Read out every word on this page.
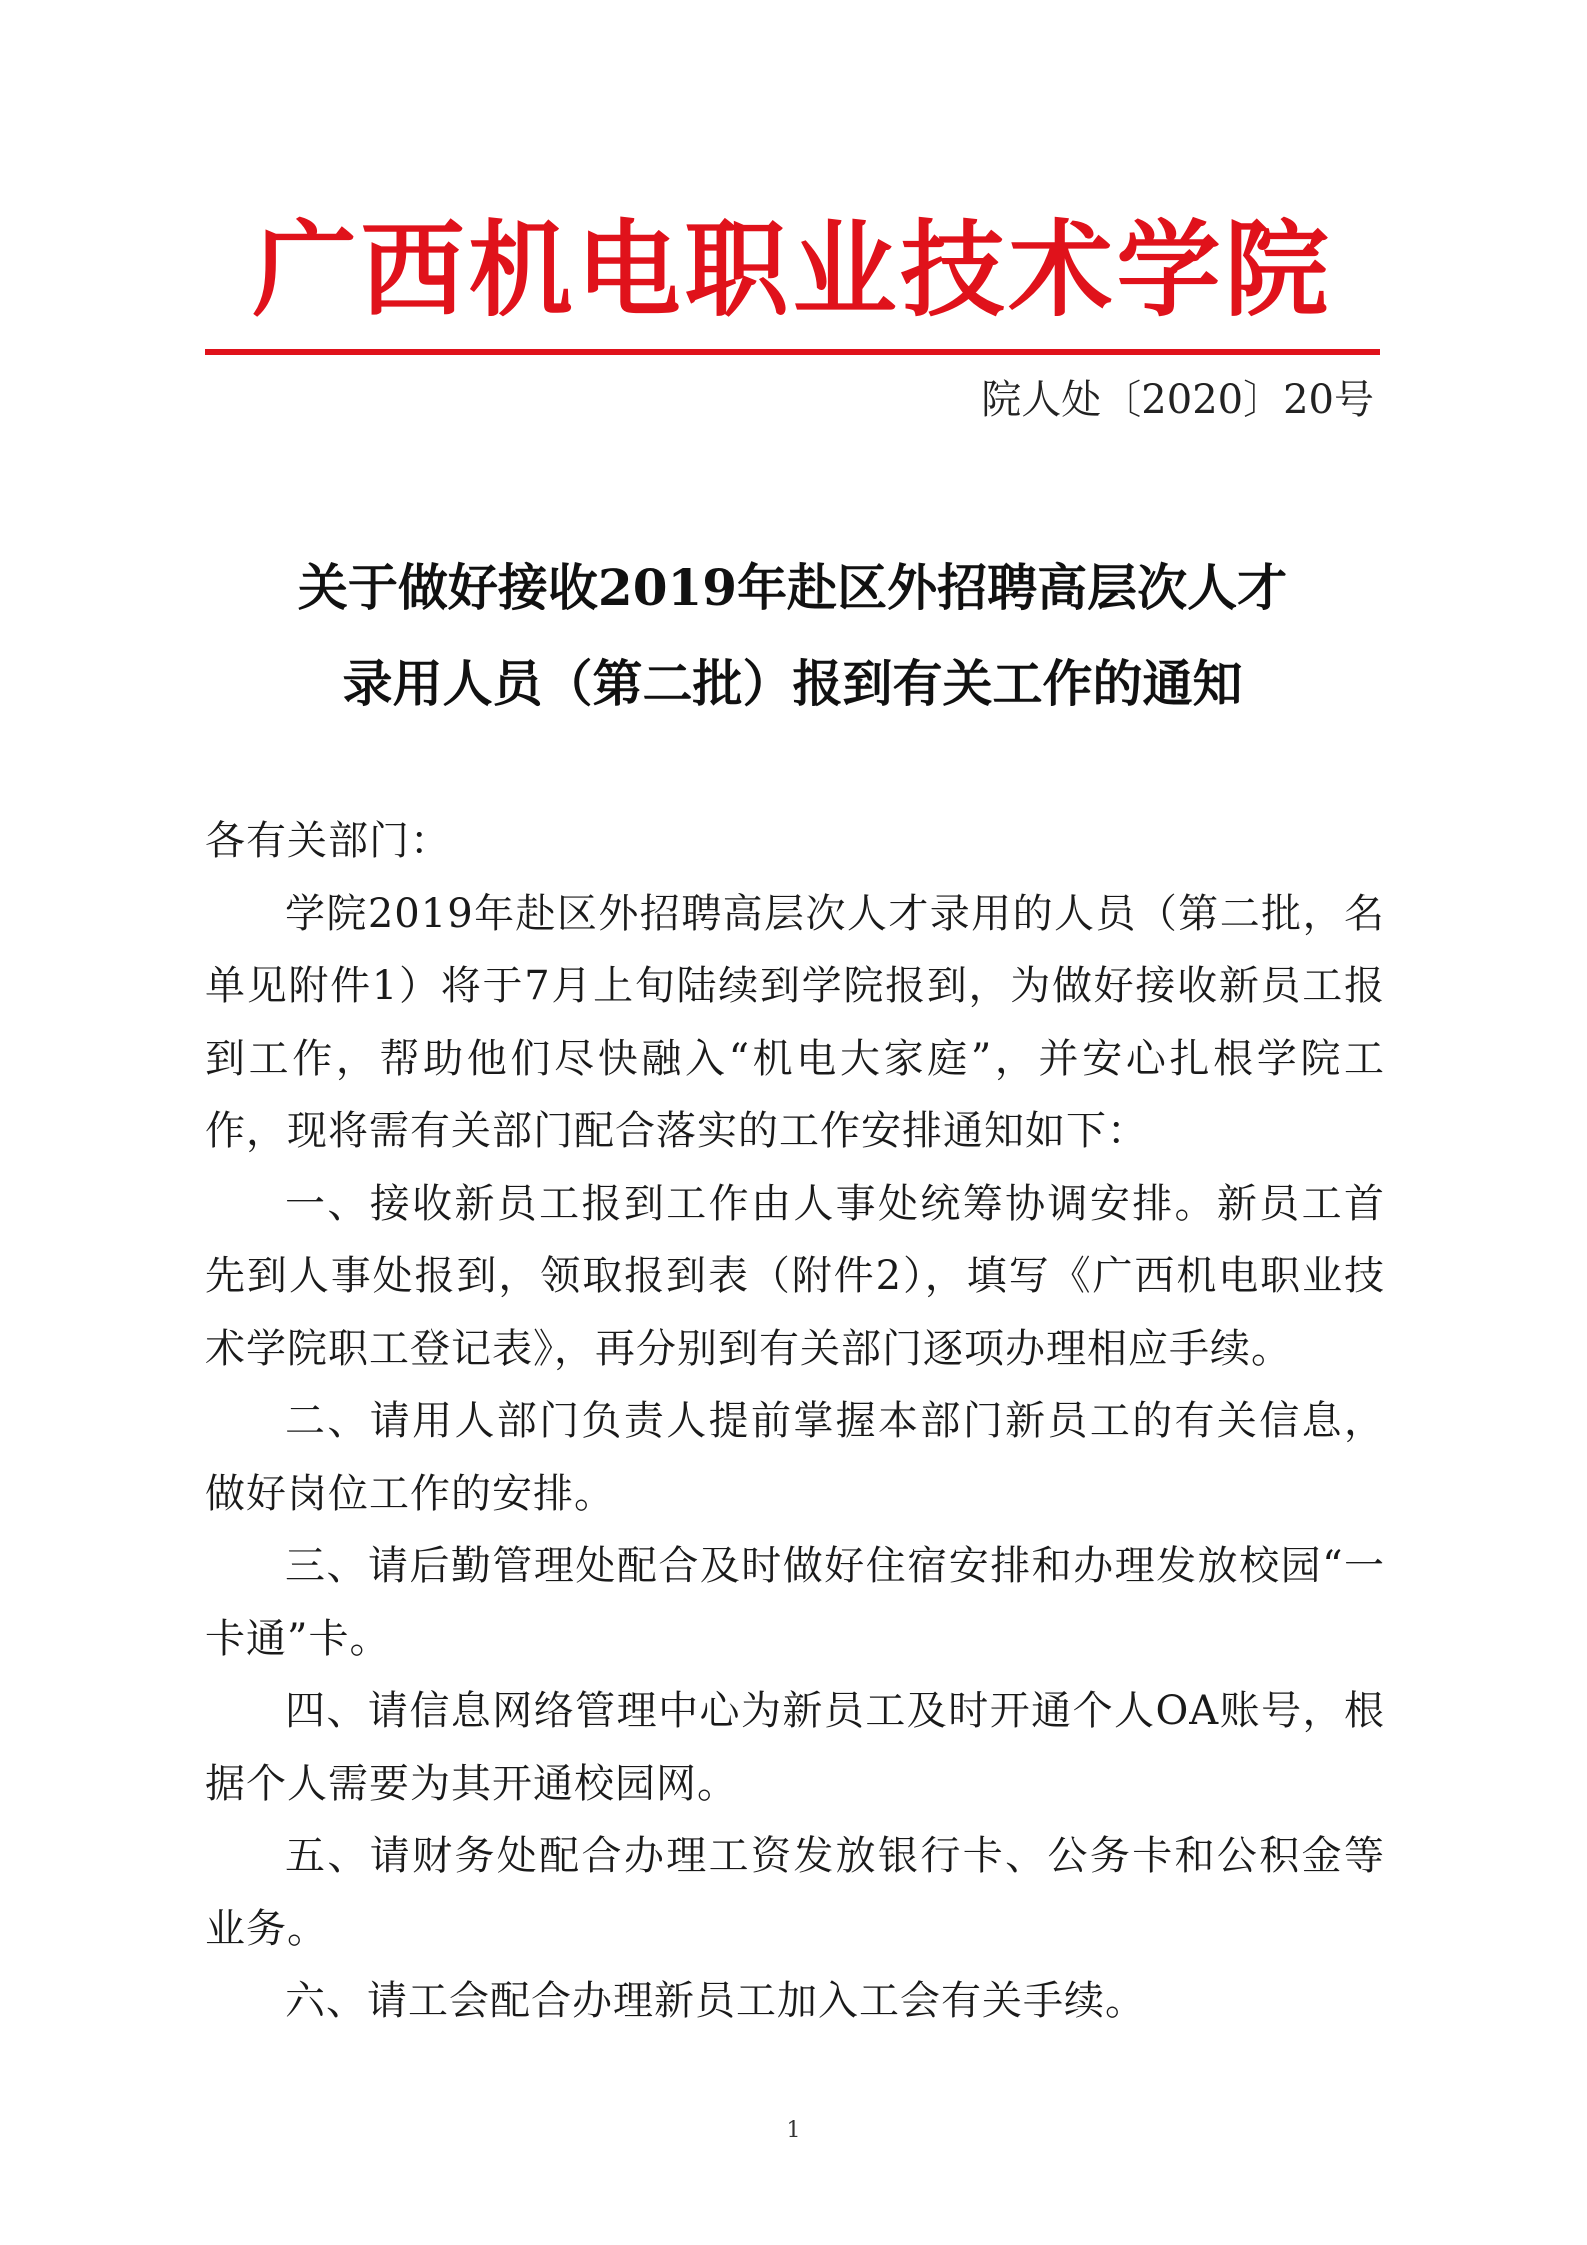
广西机电职业技术学院
院人处〔2020〕20号
关于做好接收2019年赴区外招聘高层次人才
录用人员（第二批）报到有关工作的通知

各有关部门：

学院2019年赴区外招聘高层次人才录用的人员（第二批，名单见附件1）将于7月上旬陆续到学院报到，为做好接收新员工报到工作，帮助他们尽快融入“机电大家庭”，并安心扎根学院工作，现将需有关部门配合落实的工作安排通知如下：

一、接收新员工报到工作由人事处统筹协调安排。新员工首先到人事处报到，领取报到表（附件2），填写《广西机电职业技术学院职工登记表》，再分别到有关部门逐项办理相应手续。

二、请用人部门负责人提前掌握本部门新员工的有关信息，做好岗位工作的安排。

三、请后勤管理处配合及时做好住宿安排和办理发放校园“一卡通”卡。

四、请信息网络管理中心为新员工及时开通个人OA账号，根据个人需要为其开通校园网。

五、请财务处配合办理工资发放银行卡、公务卡和公积金等业务。

六、请工会配合办理新员工加入工会有关手续。

1
